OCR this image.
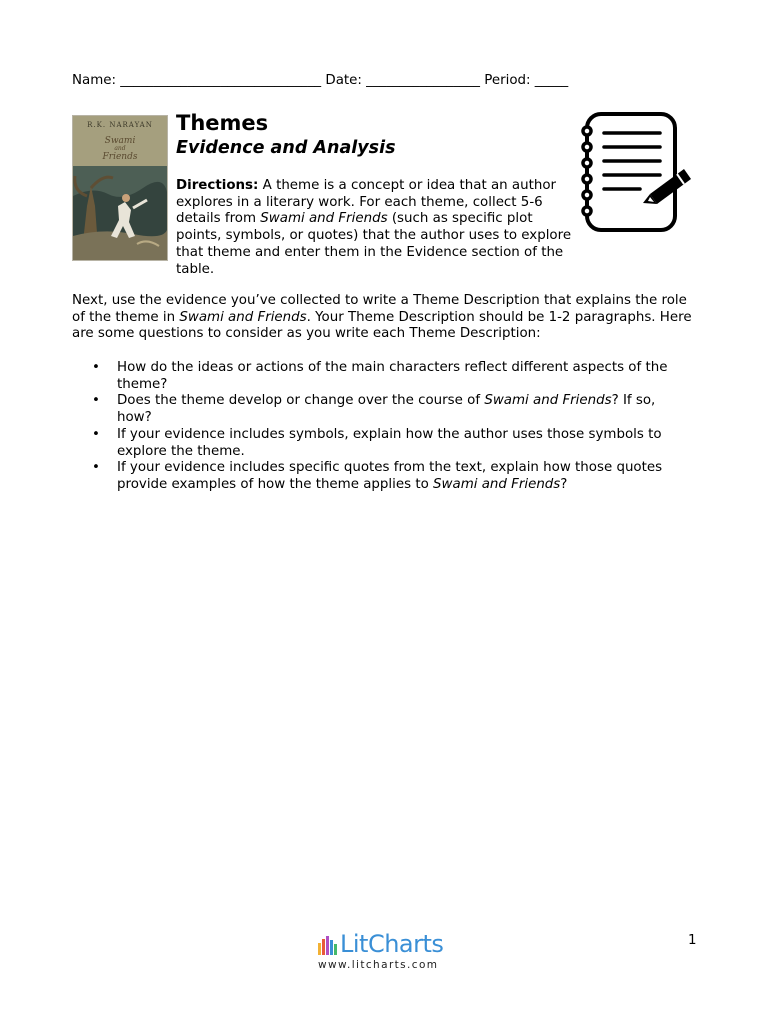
Name: ______________________________ Date: _________________ Period: _____
R.K. NARAYAN
Swami
and
Friends
Themes
Evidence and Analysis
Directions: A theme is a concept or idea that an author explores in a literary work. For each theme, collect 5-6 details from Swami and Friends (such as specific plot points, symbols, or quotes) that the author uses to explore that theme and enter them in the Evidence section of the table.
Next, use the evidence you’ve collected to write a Theme Description that explains the role of the theme in Swami and Friends. Your Theme Description should be 1-2 paragraphs. Here are some questions to consider as you write each Theme Description:
• How do the ideas or actions of the main characters reflect different aspects of the theme?
• Does the theme develop or change over the course of Swami and Friends? If so, how?
• If your evidence includes symbols, explain how the author uses those symbols to explore the theme.
• If your evidence includes specific quotes from the text, explain how those quotes provide examples of how the theme applies to Swami and Friends?
LitCharts
www.litcharts.com
1
